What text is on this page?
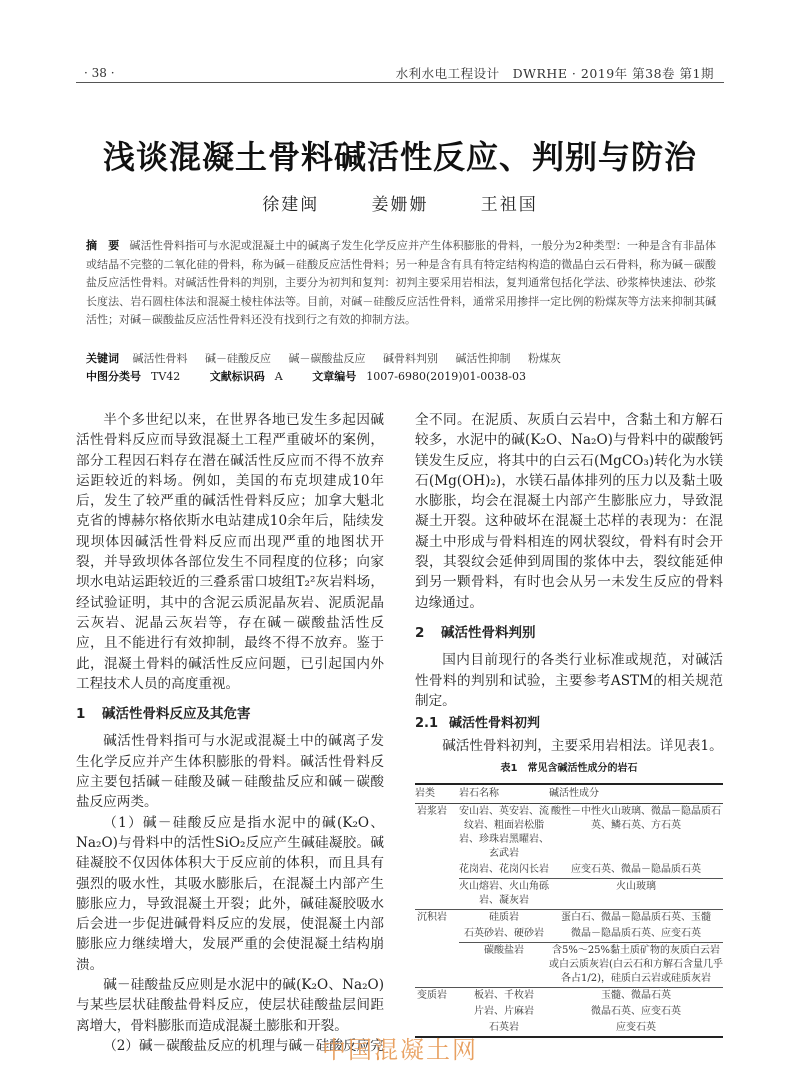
· 38 ·	水利水电工程设计　DWRHE · 2019年 第38卷 第1期
浅谈混凝土骨料碱活性反应、判别与防治
徐建闽	姜姗姗	王祖国
摘　要 碱活性骨料指可与水泥或混凝土中的碱离子发生化学反应并产生体积膨胀的骨料，一般分为2种类型：一种是含有非晶体或结晶不完整的二氧化硅的骨料，称为碱－硅酸反应活性骨料；另一种是含有具有特定结构构造的微晶白云石骨料，称为碱－碳酸盐反应活性骨料。对碱活性骨料的判别，主要分为初判和复判：初判主要采用岩相法，复判通常包括化学法、砂浆棒快速法、砂浆长度法、岩石圆柱体法和混凝土棱柱体法等。目前，对碱－硅酸反应活性骨料，通常采用掺拌一定比例的粉煤灰等方法来抑制其碱活性；对碱－碳酸盐反应活性骨料还没有找到行之有效的抑制方法。
关键词 碱活性骨料 碱－硅酸反应 碱－碳酸盐反应 碱骨料判别 碱活性抑制 粉煤灰
中图分类号 TV42	文献标识码 A	文章编号 1007-6980(2019)01-0038-03

半个多世纪以来，在世界各地已发生多起因碱活性骨料反应而导致混凝土工程严重破坏的案例，部分工程因石料存在潜在碱活性反应而不得不放弃运距较近的料场。例如，美国的布克坝建成10年后，发生了较严重的碱活性骨料反应；加拿大魁北克省的博赫尔格依斯水电站建成10余年后，陆续发现坝体因碱活性骨料反应而出现严重的地图状开裂，并导致坝体各部位发生不同程度的位移；向家坝水电站运距较近的三叠系雷口坡组T₂²灰岩料场，经试验证明，其中的含泥云质泥晶灰岩、泥质泥晶云灰岩、泥晶云灰岩等，存在碱－碳酸盐活性反应，且不能进行有效抑制，最终不得不放弃。鉴于此，混凝土骨料的碱活性反应问题，已引起国内外工程技术人员的高度重视。

1 碱活性骨料反应及其危害

碱活性骨料指可与水泥或混凝土中的碱离子发生化学反应并产生体积膨胀的骨料。碱活性骨料反应主要包括碱－硅酸及碱－硅酸盐反应和碱－碳酸盐反应两类。

（1）碱－硅酸反应是指水泥中的碱(K₂O、Na₂O)与骨料中的活性SiO₂反应产生碱硅凝胶。碱硅凝胶不仅因体体积大于反应前的体积，而且具有强烈的吸水性，其吸水膨胀后，在混凝土内部产生膨胀应力，导致混凝土开裂；此外，碱硅凝胶吸水后会进一步促进碱骨料反应的发展，使混凝土内部膨胀应力继续增大，发展严重的会使混凝土结构崩溃。

碱－硅酸盐反应则是水泥中的碱(K₂O、Na₂O)与某些层状硅酸盐骨料反应，使层状硅酸盐层间距离增大，骨料膨胀而造成混凝土膨胀和开裂。

（2）碱－碳酸盐反应的机理与碱－硅酸反应完

全不同。在泥质、灰质白云岩中，含黏土和方解石较多，水泥中的碱(K₂O、Na₂O)与骨料中的碳酸钙镁发生反应，将其中的白云石(MgCO₃)转化为水镁石(Mg(OH)₂)，水镁石晶体排列的压力以及黏土吸水膨胀，均会在混凝土内部产生膨胀应力，导致混凝土开裂。这种破坏在混凝土芯样的表现为：在混凝土中形成与骨料相连的网状裂纹，骨料有时会开裂，其裂纹会延伸到周围的浆体中去，裂纹能延伸到另一颗骨料，有时也会从另一未发生反应的骨料边缘通过。

2 碱活性骨料判别

国内目前现行的各类行业标准或规范，对碱活性骨料的判别和试验，主要参考ASTM的相关规范制定。

2.1 碱活性骨料初判

碱活性骨料初判，主要采用岩相法。详见表1。

表1　常见含碱活性成分的岩石
岩类	岩石名称	碱活性成分
岩浆岩	安山岩、英安岩、流纹岩、粗面岩松脂岩、珍珠岩黑曜岩、玄武岩	酸性－中性火山玻璃、微晶－隐晶质石英、鳞石英、方石英
	花岗岩、花岗闪长岩	应变石英、微晶－隐晶质石英
	火山熔岩、火山角砾岩、凝灰岩	火山玻璃
沉积岩	硅质岩	蛋白石、微晶－隐晶质石英、玉髓
	石英砂岩、硬砂岩	微晶－隐晶质石英、应变石英
	碳酸盐岩	含5%～25%黏土质矿物的灰质白云岩或白云质灰岩(白云石和方解石含量几乎各占1/2)，硅质白云岩或硅质灰岩
变质岩	板岩、千枚岩	玉髓、微晶石英
	片岩、片麻岩	微晶石英、应变石英
	石英岩	应变石英
中国混凝土网
